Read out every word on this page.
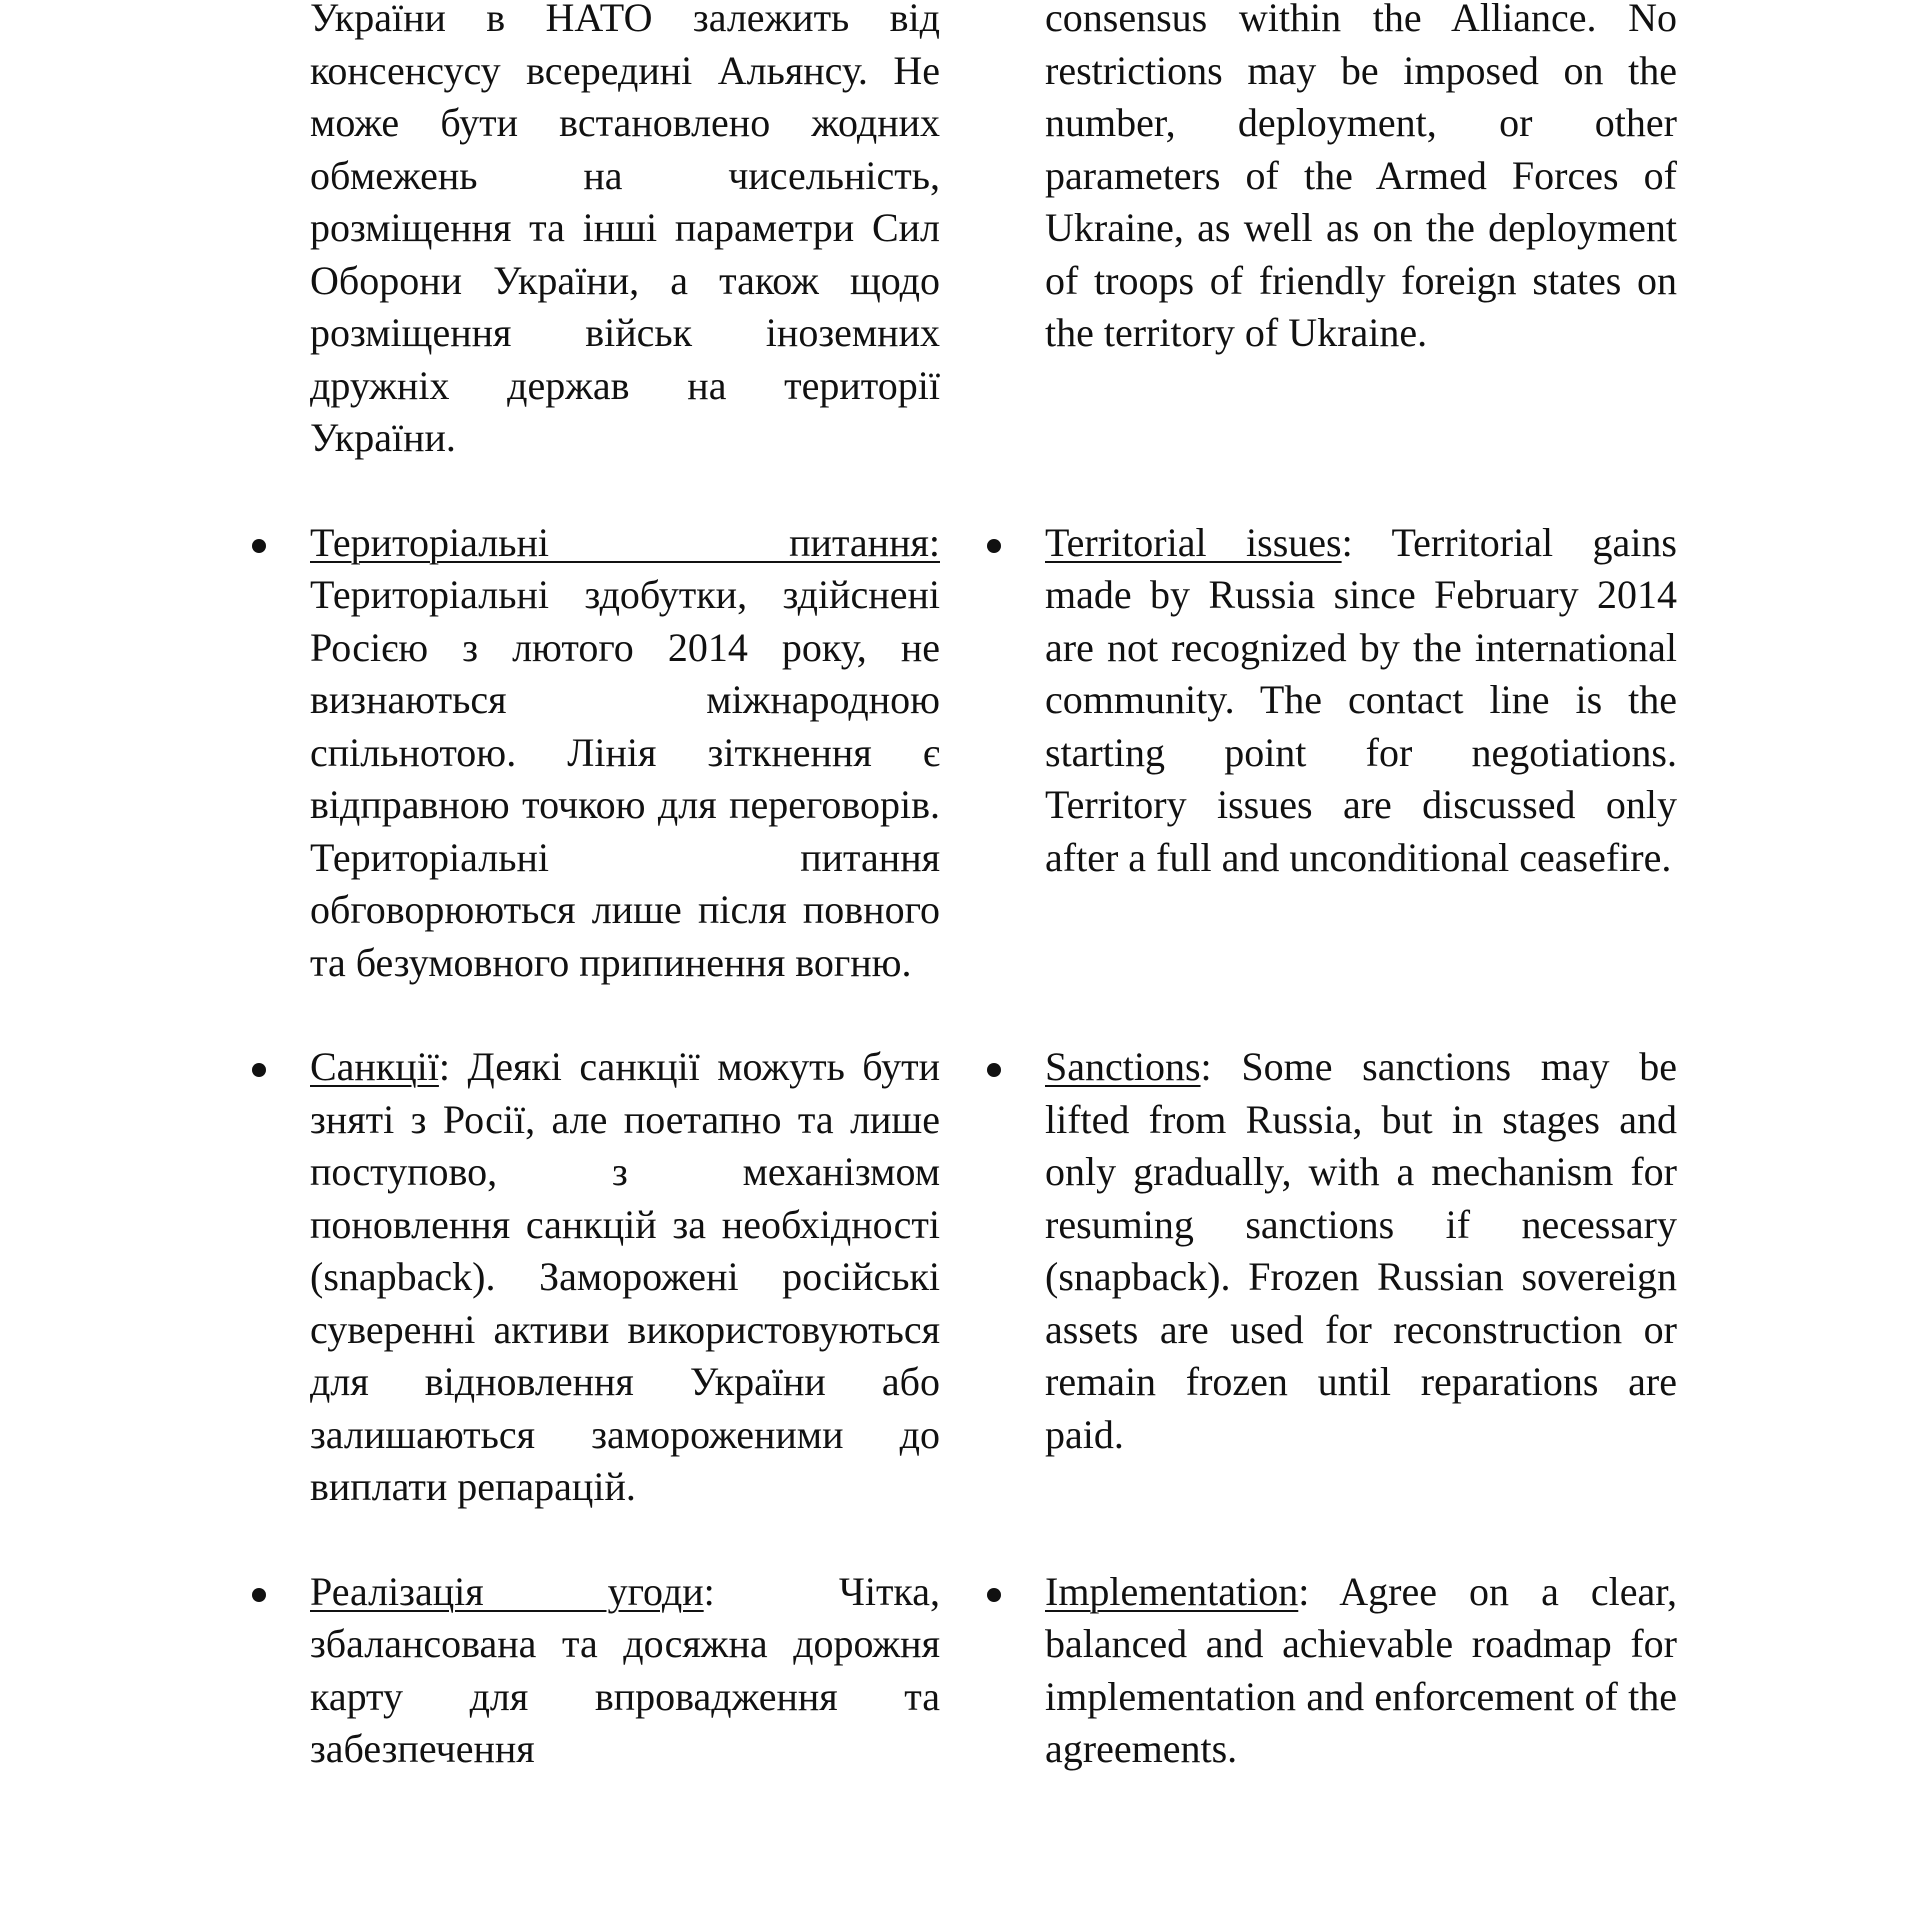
України в НАТО залежить від консенсусу всередині Альянсу. Не може бути встановлено жодних обмежень на чисельність, розміщення та інші параметри Сил Оборони України, а також щодо розміщення військ іноземних дружніх держав на території України.
consensus within the Alliance. No restrictions may be imposed on the number, deployment, or other parameters of the Armed Forces of Ukraine, as well as on the deployment of troops of friendly foreign states on the territory of Ukraine.
Територіальні питання: Територіальні здобутки, здійснені Росією з лютого 2014 року, не визнаються міжнародною спільнотою. Лінія зіткнення є відправною точкою для переговорів. Територіальні питання обговорюються лише після повного та безумовного припинення вогню.
Territorial issues: Territorial gains made by Russia since February 2014 are not recognized by the international community. The contact line is the starting point for negotiations. Territory issues are discussed only after a full and unconditional ceasefire.
Санкції: Деякі санкції можуть бути зняті з Росії, але поетапно та лише поступово, з механізмом поновлення санкцій за необхідності (snapback). Заморожені російські суверенні активи використовуються для відновлення України або залишаються замороженими до виплати репарацій.
Sanctions: Some sanctions may be lifted from Russia, but in stages and only gradually, with a mechanism for resuming sanctions if necessary (snapback). Frozen Russian sovereign assets are used for reconstruction or remain frozen until reparations are paid.
Реалізація угоди: Чітка, збалансована та досяжна дорожня карту для впровадження та забезпечення
Implementation: Agree on a clear, balanced and achievable roadmap for implementation and enforcement of the agreements.
